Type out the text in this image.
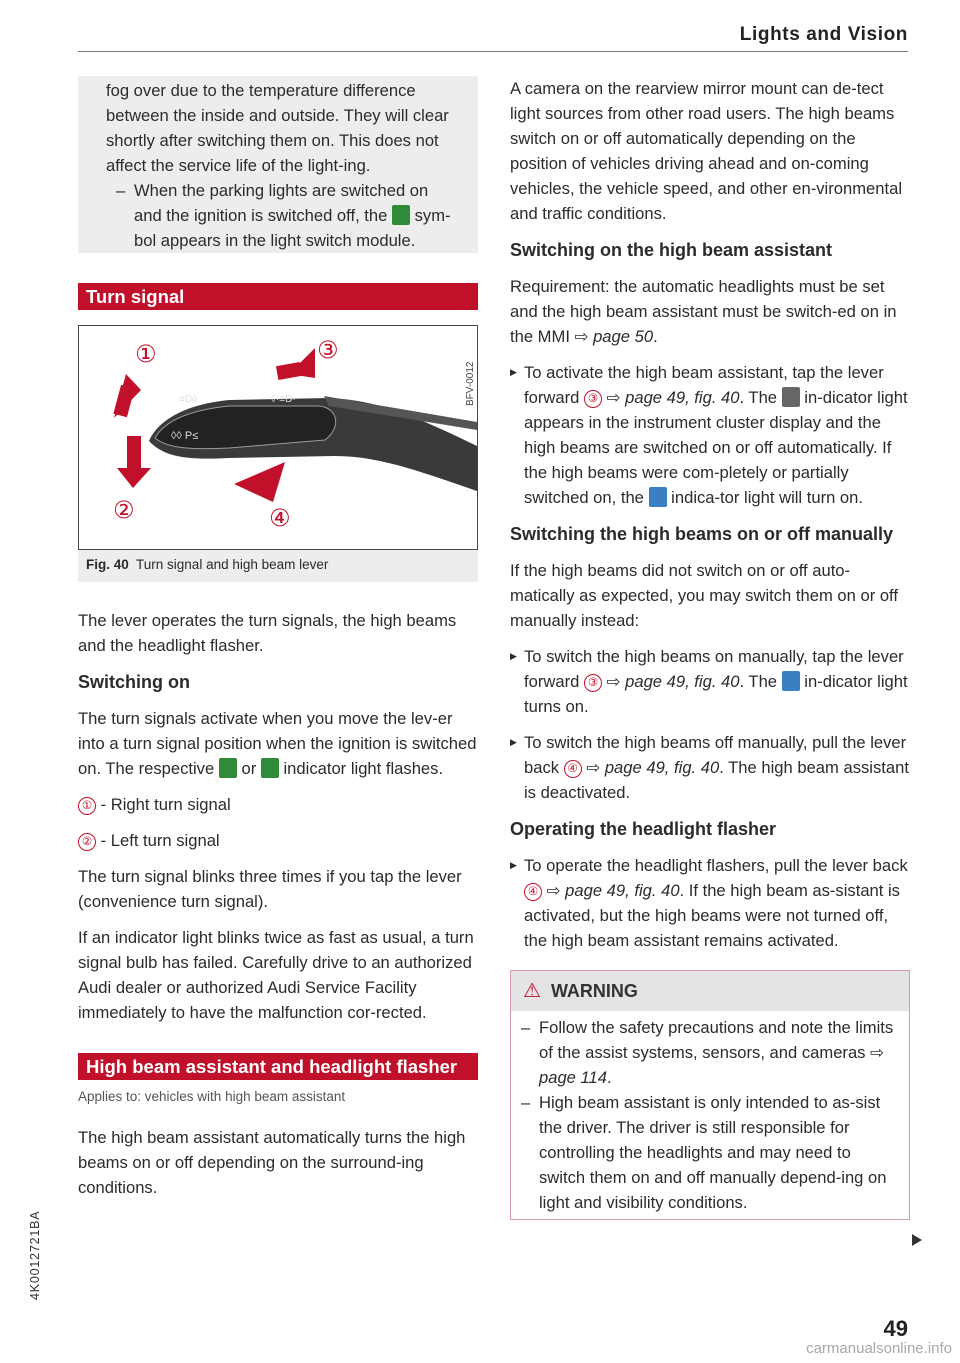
Lights and Vision
fog over due to the temperature difference between the inside and outside. They will clear shortly after switching them on. This does not affect the service life of the light-ing.
– When the parking lights are switched on and the ignition is switched off, the sym-bol appears in the light switch module.
Turn signal
≡D◊
◊◊ P≤
◊·≡D·
①
②
③
④
BFV-0012
Fig. 40 Turn signal and high beam lever

The lever operates the turn signals, the high beams and the headlight flasher.

Switching on

The turn signals activate when you move the lev-er into a turn signal position when the ignition is switched on. The respective or indicator light flashes.

① - Right turn signal

② - Left turn signal

The turn signal blinks three times if you tap the lever (convenience turn signal).

If an indicator light blinks twice as fast as usual, a turn signal bulb has failed. Carefully drive to an authorized Audi dealer or authorized Audi Service Facility immediately to have the malfunction cor-rected.

High beam assistant and headlight flasher
Applies to: vehicles with high beam assistant

The high beam assistant automatically turns the high beams on or off depending on the surround-ing conditions.

A camera on the rearview mirror mount can de-tect light sources from other road users. The high beams switch on or off automatically depending on the position of vehicles driving ahead and on-coming vehicles, the vehicle speed, and other en-vironmental and traffic conditions.

Switching on the high beam assistant

Requirement: the automatic headlights must be set and the high beam assistant must be switch-ed on in the MMI ⇨ page 50.

▶ To activate the high beam assistant, tap the lever forward ③ ⇨ page 49, fig. 40. The in-dicator light appears in the instrument cluster display and the high beams are switched on or off automatically. If the high beams were com-pletely or partially switched on, the indica-tor light will turn on.
Switching the high beams on or off manually

If the high beams did not switch on or off auto-matically as expected, you may switch them on or off manually instead:

▶ To switch the high beams on manually, tap the lever forward ③ ⇨ page 49, fig. 40. The in-dicator light turns on.
▶ To switch the high beams off manually, pull the lever back ④ ⇨ page 49, fig. 40. The high beam assistant is deactivated.
Operating the headlight flasher
▶ To operate the headlight flashers, pull the lever back ④ ⇨ page 49, fig. 40. If the high beam as-sistant is activated, but the high beams were not turned off, the high beam assistant remains activated.
⚠ WARNING
– Follow the safety precautions and note the limits of the assist systems, sensors, and cameras ⇨ page 114.
– High beam assistant is only intended to as-sist the driver. The driver is still responsible for controlling the headlights and may need to switch them on and off manually depend-ing on light and visibility conditions.
4K0012721BA
49
carmanualsonline.info
